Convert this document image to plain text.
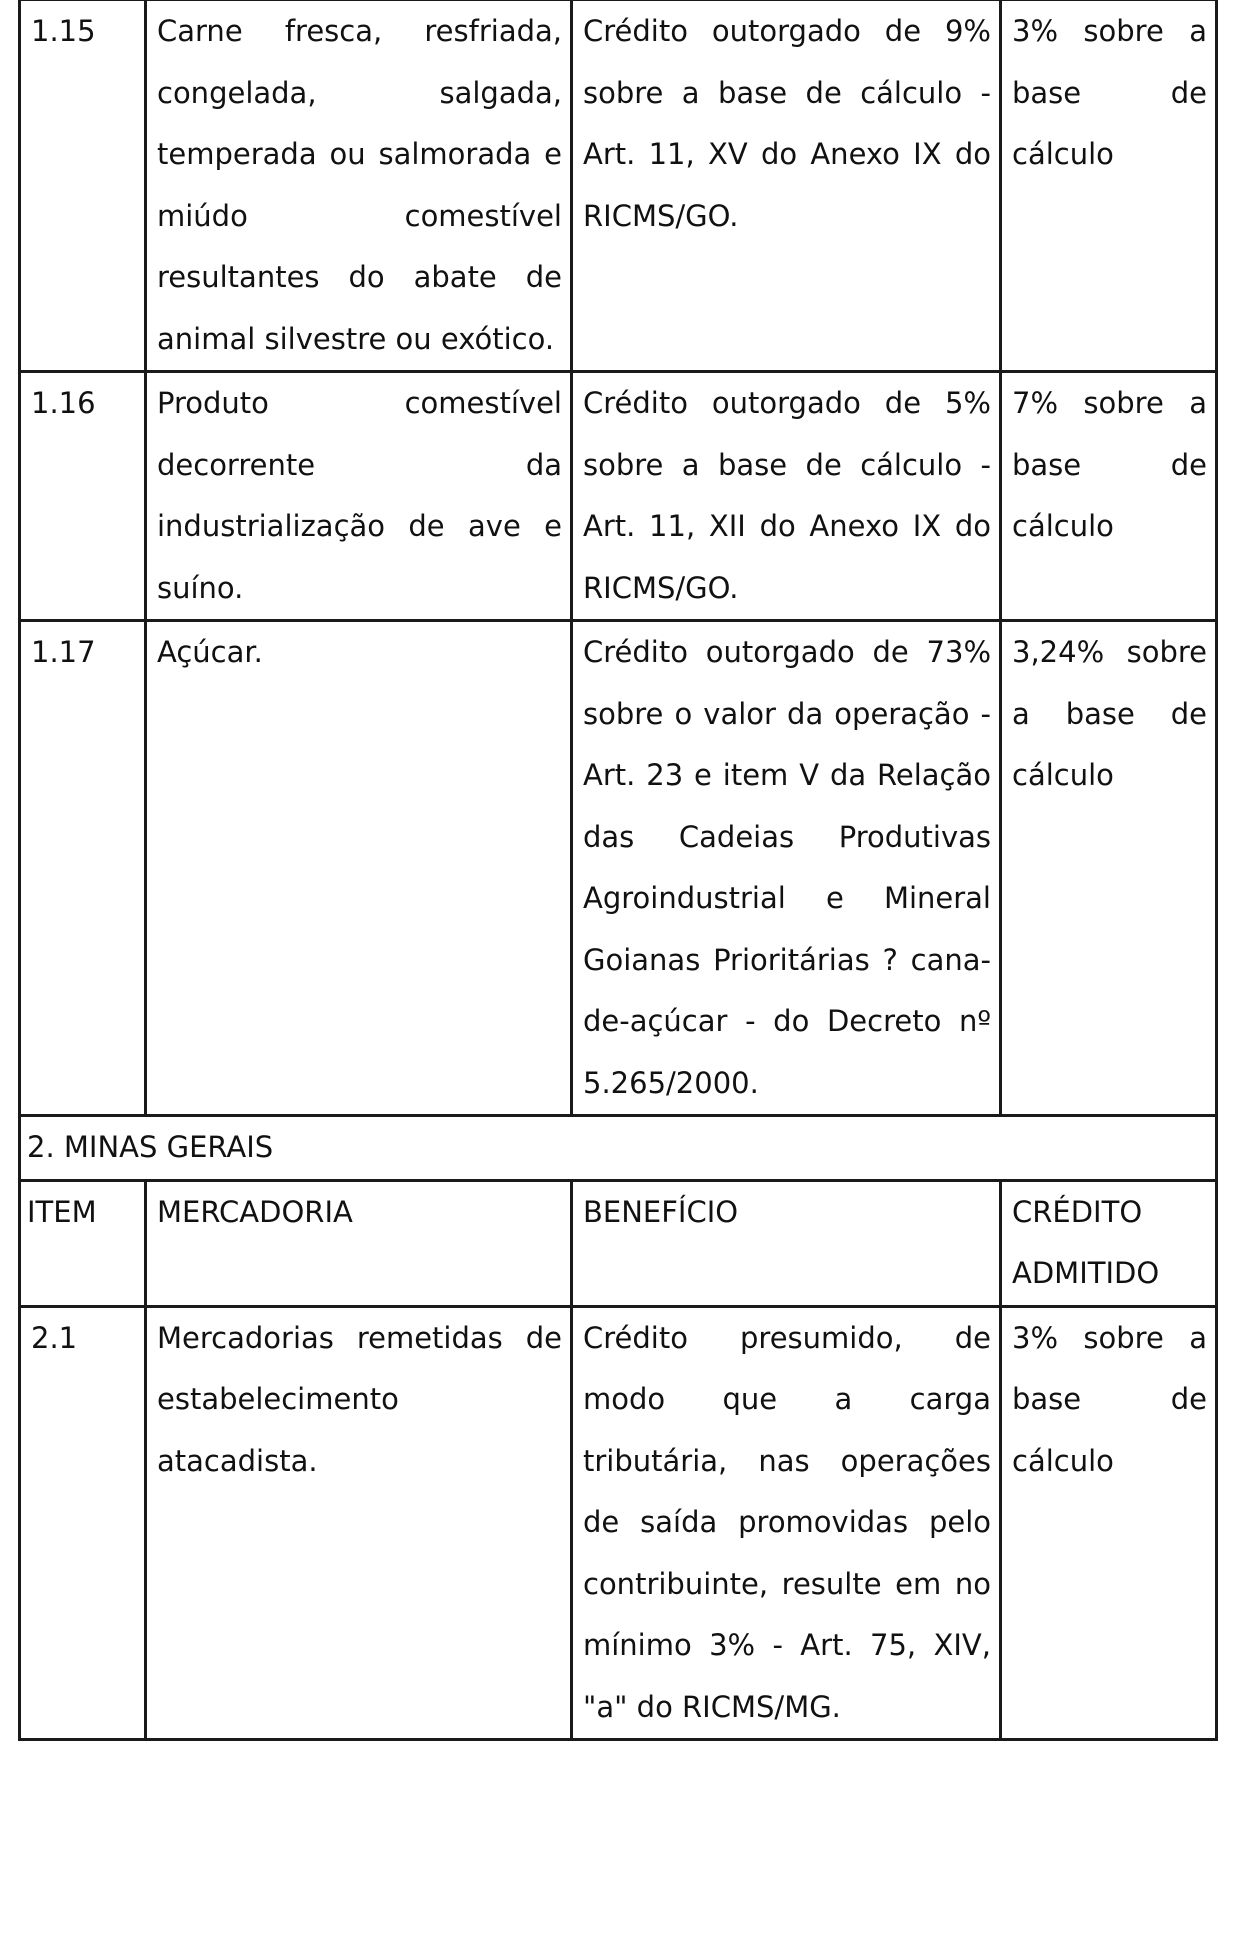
1.15	Carne fresca, resfriada, congelada, salgada, temperada ou salmorada e miúdo comestível resultantes do abate de animal silvestre ou exótico.	Crédito outorgado de 9% sobre a base de cálculo - Art. 11, XV do Anexo IX do RICMS/GO.	3% sobre a base de cálculo

1.16	Produto comestível decorrente da industrialização de ave e suíno.	Crédito outorgado de 5% sobre a base de cálculo - Art. 11, XII do Anexo IX do RICMS/GO.	7% sobre a base de cálculo

1.17	Açúcar.	Crédito outorgado de 73% sobre o valor da operação - Art. 23 e item V da Relação das Cadeias Produtivas Agroindustrial e Mineral Goianas Prioritárias ? cana-de-açúcar - do Decreto nº 5.265/2000.	3,24% sobre a base de cálculo

2. MINAS GERAIS			
ITEM	MERCADORIA	BENEFÍCIO	CRÉDITO ADMITIDO

2.1	Mercadorias remetidas de estabelecimento atacadista.	Crédito presumido, de modo que a carga tributária, nas operações de saída promovidas pelo contribuinte, resulte em no mínimo 3% - Art. 75, XIV, "a" do RICMS/MG.	3% sobre a base de cálculo
